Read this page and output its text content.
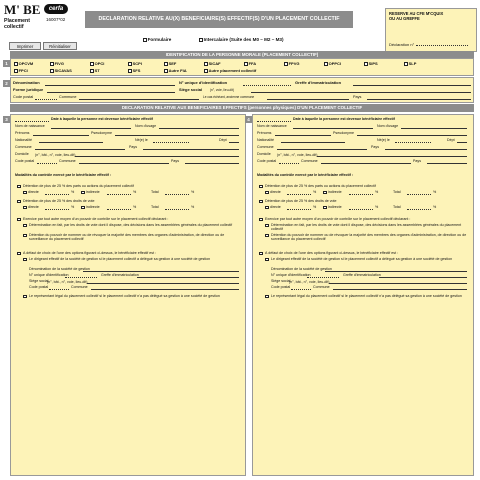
M' BE
Placement collectif
cerfa
16007*02
Imprimer	Réinitialiser
DECLARATION RELATIVE AU(X) BENEFICIAIRE(S) EFFECTIF(S) D'UN PLACEMENT COLLECTIF
Formulaire	Intercalaire (Suite des M0 – M2 – M3)
RESERVE AU CFE M'CQUIX
OU AU GREFFE
Déclaration n°
IDENTIFICATION DE LA PERSONNE MORALE (PLACEMENT COLLECTIF)
1	OPCVM	FIVG	OPCI	SCPI	SEF	SICAF	FFA	FPVG	OPPCI	SIPS	SLP
FPCI	SICAVAS	ST	SFS	Autre FIA	Autre placement collectif
2	Dénomination	N° unique d'identification	Greffe d'immatriculation
Forme juridique	Siège social (n°, voie, lieu-dit)
Code postal	Commune	Le cas échéant, ancienne commune	Pays
DECLARATION RELATIVE AUX BENEFICIAIRES EFFECTIFS (personnes physiques) D'UN PLACEMENT COLLECTIF
3	Date à laquelle la personne est devenue bénéficiaire effectif
Nom de naissance	Nom d'usage
Prénoms	Pseudonyme
Nationalité	Né(e) le	Dépt
Commune	Pays
Domicile (n°, bât., n°, voie, lieu-dit)
Code postal	Commune	Pays
Modalités du contrôle exercé par le bénéficiaire effectif :
Détention de plus de 25 % des parts ou actions du placement collectif
directe	%	indirecte	%	Total	%
Détention de plus de 25 % des droits de vote
directe	%	indirecte	%	Total	%
Exercice par tout autre moyen d'un pouvoir de contrôle sur le placement collectif déclarant :
Détermination en fait, par les droits de vote dont il dispose, des décisions dans les assemblées générales du placement collectif
Détention du pouvoir de nommer ou de révoquer la majorité des membres des organes d'administration, de direction ou de surveillance du placement collectif
A défaut de choix de l'une des options figurant ci-dessus, le bénéficiaire effectif est :
Le dirigeant effectif de la société de gestion si le placement collectif a délégué sa gestion à une société de gestion
Dénomination de la société de gestion
N° unique d'identification	Greffe d'immatriculation
Siège social
(n°, bât., n°, voie, lieu-dit)
Code postal	Commune
Le représentant légal du placement collectif si le placement collectif n'a pas délégué sa gestion à une société de gestion
4	Date à laquelle la personne est devenue bénéficiaire effectif
Nom de naissance	Nom d'usage
Prénoms	Pseudonyme
Nationalité	Né(e) le	Dépt
Commune	Pays
Domicile (n°, bât., n°, voie, lieu-dit)
Code postal	Commune	Pays
Modalités du contrôle exercé par le bénéficiaire effectif :
Détention de plus de 25 % des parts ou actions du placement collectif
directe	%	indirecte	%	Total	%
Détention de plus de 25 % des droits de vote
directe	%	indirecte	%	Total	%
Exercice par tout autre moyen d'un pouvoir de contrôle sur le placement collectif déclarant :
Détermination en fait, par les droits de vote dont il dispose, des décisions dans les assemblées générales du placement collectif
Détention du pouvoir de nommer ou de révoquer la majorité des membres des organes d'administration, de direction ou de surveillance du placement collectif
A défaut de choix de l'une des options figurant ci-dessus, le bénéficiaire effectif est :
Le dirigeant effectif de la société de gestion si le placement collectif a délégué sa gestion à une société de gestion
Dénomination de la société de gestion
N° unique d'identification	Greffe d'immatriculation
Siège social
(n°, bât., n°, voie, lieu-dit)
Code postal	Commune
Le représentant légal du placement collectif si le placement collectif n'a pas délégué sa gestion à une société de gestion
